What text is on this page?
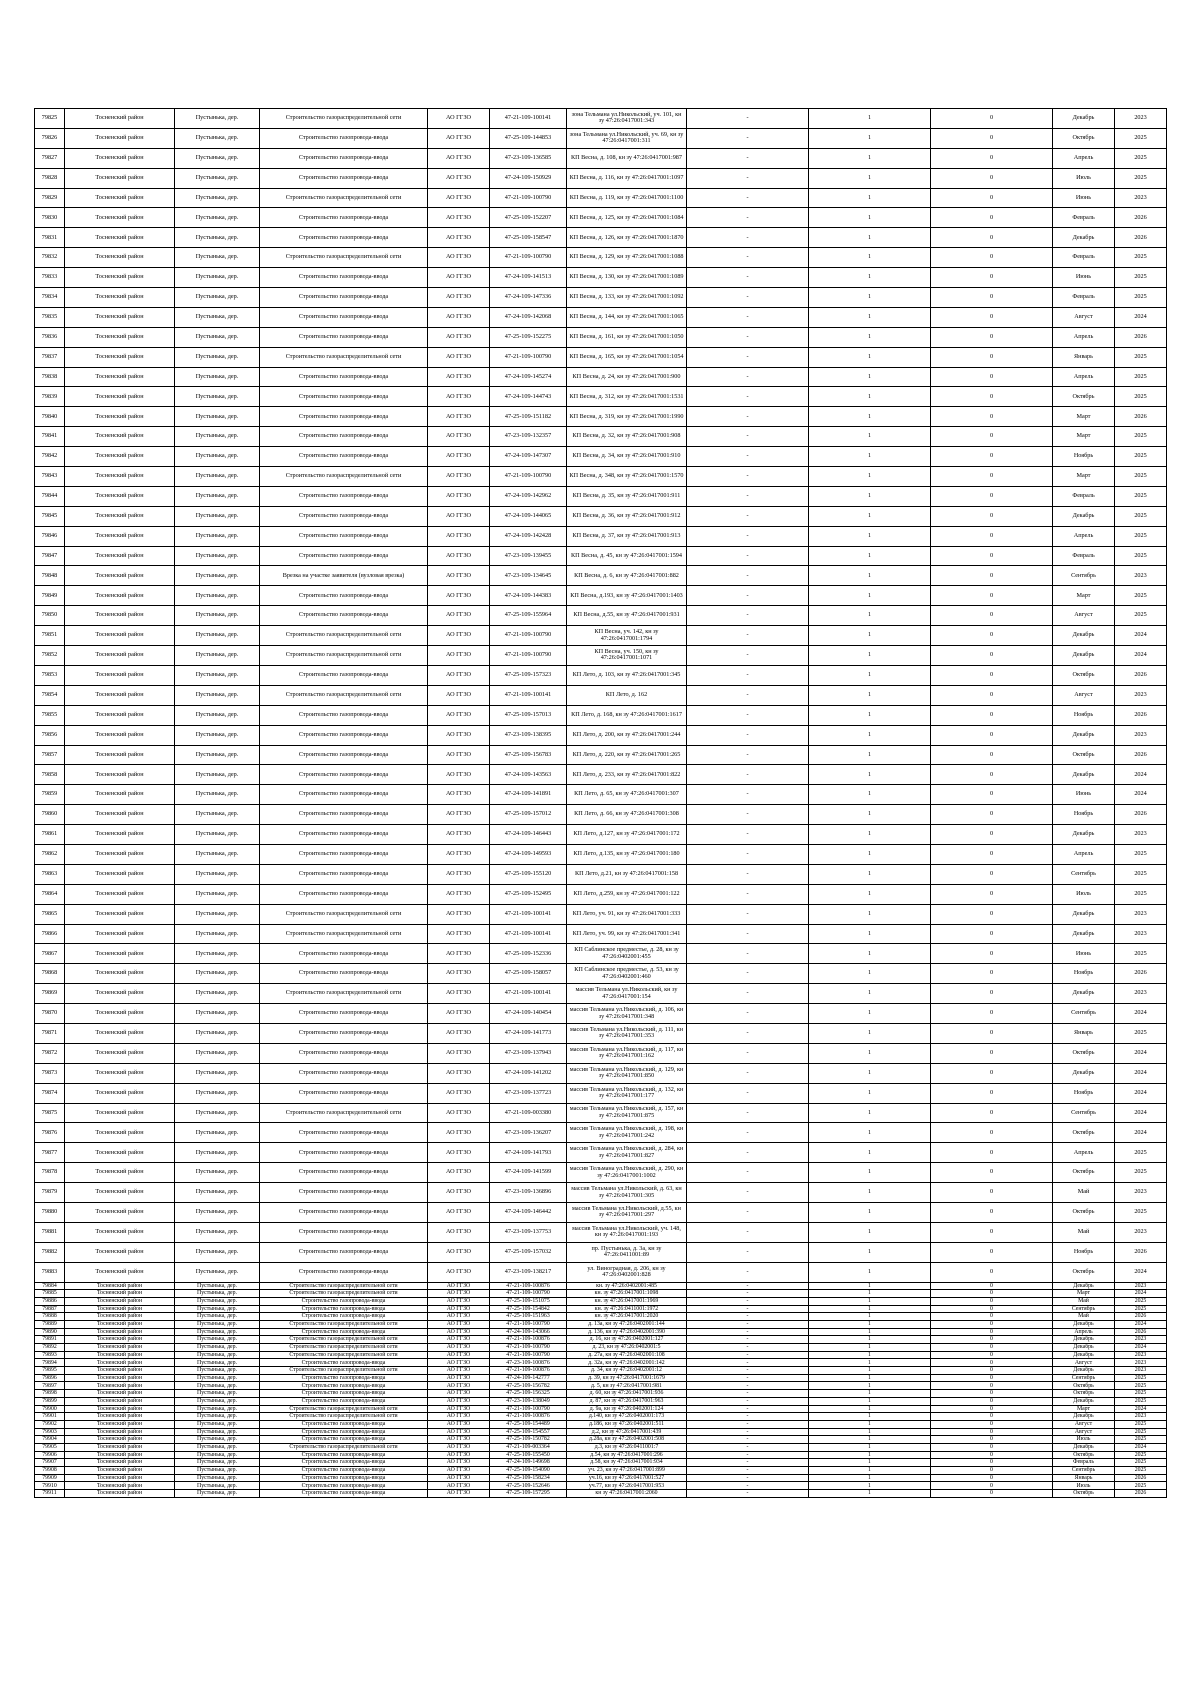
79825	Тосненский район	Пустынька, дер.	Строительство газораспределительной сети	АО ГГЗО	47-21-109-100141	зона Тельмана ул.Никольский, уч. 101, кн зу 47:26:0417001:343	-	1	0	Декабрь	2023
79826	Тосненский район	Пустынька, дер.	Строительство газопровода-ввода	АО ГГЗО	47-25-109-144853	зона Тельмана ул.Никольский, уч. 69, кн зу 47:26:0417001:311	-	1	0	Октябрь	2025
79827	Тосненский район	Пустынька, дер.	Строительство газопровода-ввода	АО ГГЗО	47-23-109-136585	КП Весна, д. 108, кн зу 47:26:0417001:987	-	1	0	Апрель	2025
79828	Тосненский район	Пустынька, дер.	Строительство газопровода-ввода	АО ГГЗО	47-24-109-150929	КП Весна, д. 116, кн зу 47:26:0417001:1097	-	1	0	Июль	2025
79829	Тосненский район	Пустынька, дер.	Строительство газораспределительной сети	АО ГГЗО	47-21-109-100790	КП Весна, д. 119, кн зу 47:26:0417001:1100	-	1	0	Июнь	2023
79830	Тосненский район	Пустынька, дер.	Строительство газопровода-ввода	АО ГГЗО	47-25-109-152207	КП Весна, д. 125, кн зу 47:26:0417001:1084	-	1	0	Февраль	2026
79831	Тосненский район	Пустынька, дер.	Строительство газопровода-ввода	АО ГГЗО	47-25-109-158547	КП Весна, д. 126, кн зу 47:26:0417001:1870	-	1	0	Декабрь	2026
79832	Тосненский район	Пустынька, дер.	Строительство газораспределительной сети	АО ГГЗО	47-21-109-100790	КП Весна, д. 129, кн зу 47:26:0417001:1088	-	1	0	Февраль	2025
79833	Тосненский район	Пустынька, дер.	Строительство газопровода-ввода	АО ГГЗО	47-24-109-141513	КП Весна, д. 130, кн зу 47:26:0417001:1089	-	1	0	Июнь	2025
79834	Тосненский район	Пустынька, дер.	Строительство газопровода-ввода	АО ГГЗО	47-24-109-147336	КП Весна, д. 133, кн зу 47:26:0417001:1092	-	1	0	Февраль	2025
79835	Тосненский район	Пустынька, дер.	Строительство газопровода-ввода	АО ГГЗО	47-24-109-142068	КП Весна, д. 144, кн зу 47:26:0417001:1065	-	1	0	Август	2024
79836	Тосненский район	Пустынька, дер.	Строительство газопровода-ввода	АО ГГЗО	47-25-109-152275	КП Весна, д. 161, кн зу 47:26:0417001:1050	-	1	0	Апрель	2026
79837	Тосненский район	Пустынька, дер.	Строительство газораспределительной сети	АО ГГЗО	47-21-109-100790	КП Весна, д. 165, кн зу 47:26:0417001:1054	-	1	0	Январь	2025
79838	Тосненский район	Пустынька, дер.	Строительство газопровода-ввода	АО ГГЗО	47-24-109-145274	КП Весна, д. 24, кн зу 47:26:0417001:900	-	1	0	Апрель	2025
79839	Тосненский район	Пустынька, дер.	Строительство газопровода-ввода	АО ГГЗО	47-24-109-144743	КП Весна, д. 312, кн зу 47:26:0417001:1531	-	1	0	Октябрь	2025
79840	Тосненский район	Пустынька, дер.	Строительство газопровода-ввода	АО ГГЗО	47-25-109-151182	КП Весна, д. 319, кн зу 47:26:0417001:1990	-	1	0	Март	2026
79841	Тосненский район	Пустынька, дер.	Строительство газопровода-ввода	АО ГГЗО	47-23-109-132357	КП Весна, д. 32, кн зу 47:26:0417001:908	-	1	0	Март	2025
79842	Тосненский район	Пустынька, дер.	Строительство газопровода-ввода	АО ГГЗО	47-24-109-147307	КП Весна, д. 34, кн зу 47:26:0417001:910	-	1	0	Ноябрь	2025
79843	Тосненский район	Пустынька, дер.	Строительство газораспределительной сети	АО ГГЗО	47-21-109-100790	КП Весна, д. 348, кн зу 47:26:0417001:1570	-	1	0	Март	2025
79844	Тосненский район	Пустынька, дер.	Строительство газопровода-ввода	АО ГГЗО	47-24-109-142962	КП Весна, д. 35, кн зу 47:26:0417001:911	-	1	0	Февраль	2025
79845	Тосненский район	Пустынька, дер.	Строительство газопровода-ввода	АО ГГЗО	47-24-109-144065	КП Весна, д. 36, кн зу 47:26:0417001:912	-	1	0	Декабрь	2025
79846	Тосненский район	Пустынька, дер.	Строительство газопровода-ввода	АО ГГЗО	47-24-109-142428	КП Весна, д. 37, кн зу 47:26:0417001:913	-	1	0	Апрель	2025
79847	Тосненский район	Пустынька, дер.	Строительство газопровода-ввода	АО ГГЗО	47-23-109-139455	КП Весна, д. 45, кн зу 47:26:0417001:1594	-	1	0	Февраль	2025
79848	Тосненский район	Пустынька, дер.	Врезка на участке заявителя (вузловая врезка)	АО ГГЗО	47-23-109-134645	КП Весна, д. 6, кн зу 47:26:0417001:882	-	1	0	Сентябрь	2023
79849	Тосненский район	Пустынька, дер.	Строительство газопровода-ввода	АО ГГЗО	47-24-109-144383	КП Весна, д.193, кн зу 47:26:0417001:1403	-	1	0	Март	2025
79850	Тосненский район	Пустынька, дер.	Строительство газопровода-ввода	АО ГГЗО	47-25-109-155964	КП Весна, д.55, кн зу 47:26:0417001:931	-	1	0	Август	2025
79851	Тосненский район	Пустынька, дер.	Строительство газораспределительной сети	АО ГГЗО	47-21-109-100790	КП Весна, уч. 142, кн зу 47:26:0417001:1794	-	1	0	Декабрь	2024
79852	Тосненский район	Пустынька, дер.	Строительство газораспределительной сети	АО ГГЗО	47-21-109-100790	КП Весна, уч. 150, кн зу 47:26:0417001:1071	-	1	0	Декабрь	2024
79853	Тосненский район	Пустынька, дер.	Строительство газопровода-ввода	АО ГГЗО	47-25-109-157323	КП Лето, д. 103, кн зу 47:26:0417001:345	-	1	0	Октябрь	2026
79854	Тосненский район	Пустынька, дер.	Строительство газораспределительной сети	АО ГГЗО	47-21-109-100141	КП Лето, д. 162	-	1	0	Август	2023
79855	Тосненский район	Пустынька, дер.	Строительство газопровода-ввода	АО ГГЗО	47-25-109-157013	КП Лето, д. 168, кн зу 47:26:0417001:1617	-	1	0	Ноябрь	2026
79856	Тосненский район	Пустынька, дер.	Строительство газопровода-ввода	АО ГГЗО	47-23-109-138395	КП Лето, д. 200, кн зу 47:26:0417001:244	-	1	0	Декабрь	2023
79857	Тосненский район	Пустынька, дер.	Строительство газопровода-ввода	АО ГГЗО	47-25-109-156783	КП Лето, д. 220, кн зу 47:26:0417001:265	-	1	0	Октябрь	2026
79858	Тосненский район	Пустынька, дер.	Строительство газопровода-ввода	АО ГГЗО	47-24-109-143563	КП Лето, д. 233, кн зу 47:26:0417001:822	-	1	0	Декабрь	2024
79859	Тосненский район	Пустынька, дер.	Строительство газопровода-ввода	АО ГГЗО	47-24-109-141891	КП Лето, д. 65, кн зу 47:26:0417001:307	-	1	0	Июнь	2024
79860	Тосненский район	Пустынька, дер.	Строительство газопровода-ввода	АО ГГЗО	47-25-109-157012	КП Лето, д. 66, кн зу 47:26:0417001:308	-	1	0	Ноябрь	2026
79861	Тосненский район	Пустынька, дер.	Строительство газопровода-ввода	АО ГГЗО	47-24-109-146443	КП Лето, д.127, кн зу 47:26:0417001:172	-	1	0	Декабрь	2023
79862	Тосненский район	Пустынька, дер.	Строительство газопровода-ввода	АО ГГЗО	47-24-109-149593	КП Лето, д.135, кн зу 47:26:0417001:180	-	1	0	Апрель	2025
79863	Тосненский район	Пустынька, дер.	Строительство газопровода-ввода	АО ГГЗО	47-25-109-155120	КП Лето, д.21, кн зу 47:26:0417001:158	-	1	0	Сентябрь	2025
79864	Тосненский район	Пустынька, дер.	Строительство газопровода-ввода	АО ГГЗО	47-25-109-152495	КП Лето, д.259, кн зу 47:26:0417001:122	-	1	0	Июль	2025
79865	Тосненский район	Пустынька, дер.	Строительство газораспределительной сети	АО ГГЗО	47-21-109-100141	КП Лето, уч. 91, кн зу 47:26:0417001:333	-	1	0	Декабрь	2023
79866	Тосненский район	Пустынька, дер.	Строительство газораспределительной сети	АО ГГЗО	47-21-109-100141	КП Лето, уч. 99, кн зу 47:26:0417001:341	-	1	0	Декабрь	2023
79867	Тосненский район	Пустынька, дер.	Строительство газопровода-ввода	АО ГГЗО	47-25-109-152336	КП Саблинское предместье, д. 28, кн зу 47:26:0402001:455	-	1	0	Июнь	2025
79868	Тосненский район	Пустынька, дер.	Строительство газопровода-ввода	АО ГГЗО	47-25-109-158057	КП Саблинское предместье, д. 53, кн зу 47:26:0402001:460	-	1	0	Ноябрь	2026
79869	Тосненский район	Пустынька, дер.	Строительство газораспределительной сети	АО ГГЗО	47-21-109-100141	массив Тельмана ул.Никольский, кн зу 47:26:0417001:154	-	1	0	Декабрь	2023
79870	Тосненский район	Пустынька, дер.	Строительство газопровода-ввода	АО ГГЗО	47-24-109-140454	массив Тельмана ул.Никольский, д. 106, кн зу 47:26:0417001:348	-	1	0	Сентябрь	2024
79871	Тосненский район	Пустынька, дер.	Строительство газопровода-ввода	АО ГГЗО	47-24-109-141773	массив Тельмана ул.Никольский, д. 111, кн зу 47:26:0417001:353	-	1	0	Январь	2025
79872	Тосненский район	Пустынька, дер.	Строительство газопровода-ввода	АО ГГЗО	47-23-109-137943	массив Тельмана ул.Никольский, д. 117, кн зу 47:26:0417001:162	-	1	0	Октябрь	2024
79873	Тосненский район	Пустынька, дер.	Строительство газопровода-ввода	АО ГГЗО	47-24-109-141202	массив Тельмана ул.Никольский, д. 129, кн зу 47:26:0417001:850	-	1	0	Декабрь	2024
79874	Тосненский район	Пустынька, дер.	Строительство газопровода-ввода	АО ГГЗО	47-23-109-137723	массив Тельмана ул.Никольский, д. 132, кн зу 47:26:0417001:177	-	1	0	Ноябрь	2024
79875	Тосненский район	Пустынька, дер.	Строительство газораспределительной сети	АО ГГЗО	47-21-109-003380	массив Тельмана ул.Никольский, д. 157, кн зу 47:26:0417001:875	-	1	0	Сентябрь	2024
79876	Тосненский район	Пустынька, дер.	Строительство газопровода-ввода	АО ГГЗО	47-23-109-136207	массив Тельмана ул.Никольский, д. 198, кн зу 47:26:0417001:242	-	1	0	Октябрь	2024
79877	Тосненский район	Пустынька, дер.	Строительство газопровода-ввода	АО ГГЗО	47-24-109-141793	массив Тельмана ул.Никольский, д. 284, кн зу 47:26:0417001:827	-	1	0	Апрель	2025
79878	Тосненский район	Пустынька, дер.	Строительство газопровода-ввода	АО ГГЗО	47-24-109-141599	массив Тельмана ул.Никольский, д. 290, кн зу 47:26:0417001:1002	-	1	0	Октябрь	2025
79879	Тосненский район	Пустынька, дер.	Строительство газопровода-ввода	АО ГГЗО	47-23-109-136896	массив Тельмана ул.Никольский, д. 63, кн зу 47:26:0417001:305	-	1	0	Май	2023
79880	Тосненский район	Пустынька, дер.	Строительство газопровода-ввода	АО ГГЗО	47-24-109-146442	массив Тельмана ул.Никольский, д.55, кн зу 47:26:0417001:297	-	1	0	Октябрь	2025
79881	Тосненский район	Пустынька, дер.	Строительство газопровода-ввода	АО ГГЗО	47-23-109-137753	массив Тельмана ул.Никольский, уч. 148, кн зу 47:26:0417001:193	-	1	0	Май	2023
79882	Тосненский район	Пустынька, дер.	Строительство газопровода-ввода	АО ГГЗО	47-25-109-157032	пр. Пустынька, д. 3а, кн зу 47:26:0411001:89	-	1	0	Ноябрь	2026
79883	Тосненский район	Пустынька, дер.	Строительство газопровода-ввода	АО ГГЗО	47-23-109-138217	ул. Виноградная, д. 206, кн зу 47:26:0402001:828	-	1	0	Октябрь	2024
79884	Тосненский район	Пустынька, дер.	Строительство газораспределительной сети	АО ГГЗО	47-21-109-100876	кн. зу 47:26:0402001:485	-	1	0	Декабрь	2023
79885	Тосненский район	Пустынька, дер.	Строительство газораспределительной сети	АО ГГЗО	47-21-109-100790	кн. зу 47:26:0417001:1098	-	1	0	Март	2024
79886	Тосненский район	Пустынька, дер.	Строительство газопровода-ввода	АО ГГЗО	47-25-109-151075	кн. зу 47:26:0417001:1969	-	1	0	Май	2025
79887	Тосненский район	Пустынька, дер.	Строительство газопровода-ввода	АО ГГЗО	47-25-109-154842	кн. зу 47:26:0411001:1972	-	1	0	Сентябрь	2025
79888	Тосненский район	Пустынька, дер.	Строительство газопровода-ввода	АО ГГЗО	47-25-109-151963	кн. зу 47:26:0417001:2020	-	1	0	Май	2026
79889	Тосненский район	Пустынька, дер.	Строительство газораспределительной сети	АО ГГЗО	47-21-109-100790	д. 13а, кн зу 47:26:0402001:144	-	1	0	Декабрь	2024
79890	Тосненский район	Пустынька, дер.	Строительство газопровода-ввода	АО ГГЗО	47-24-109-143066	д. 136, кн зу 47:26:0402001:390	-	1	0	Апрель	2026
79891	Тосненский район	Пустынька, дер.	Строительство газораспределительной сети	АО ГГЗО	47-21-109-100876	д. 16, кн зу 47:26:0402001:127	-	1	0	Декабрь	2023
79892	Тосненский район	Пустынька, дер.	Строительство газораспределительной сети	АО ГГЗО	47-21-109-100790	д. 23, кн зу 47:26:0402001:5	-	1	0	Декабрь	2024
79893	Тосненский район	Пустынька, дер.	Строительство газораспределительной сети	АО ГГЗО	47-21-109-100790	д. 27а, кн зу 47:26:0402001:108	-	1	0	Декабрь	2023
79894	Тосненский район	Пустынька, дер.	Строительство газопровода-ввода	АО ГГЗО	47-23-109-100876	д. 32а, кн зу 47:26:0402001:142	-	1	0	Август	2023
79895	Тосненский район	Пустынька, дер.	Строительство газораспределительной сети	АО ГГЗО	47-21-109-100876	д. 34, кн зу 47:26:0402001:12	-	1	0	Декабрь	2023
79896	Тосненский район	Пустынька, дер.	Строительство газопровода-ввода	АО ГГЗО	47-24-109-142777	д. 39, кн зу 47:26:0417001:1679	-	1	0	Сентябрь	2025
79897	Тосненский район	Пустынька, дер.	Строительство газопровода-ввода	АО ГГЗО	47-25-109-156782	д. 5, кн зу 47:26:0417001:981	-	1	0	Октябрь	2025
79898	Тосненский район	Пустынька, дер.	Строительство газопровода-ввода	АО ГГЗО	47-25-109-156325	д. 60, кн зу 47:26:0417001:936	-	1	0	Октябрь	2025
79899	Тосненский район	Пустынька, дер.	Строительство газопровода-ввода	АО ГГЗО	47-23-109-138049	д. 87, кн зу 47:26:0417001:963	-	1	0	Декабрь	2025
79900	Тосненский район	Пустынька, дер.	Строительство газораспределительной сети	АО ГГЗО	47-21-109-100790	д. 9а, кн зу 47:26:0402001:124	-	1	0	Март	2024
79901	Тосненский район	Пустынька, дер.	Строительство газораспределительной сети	АО ГГЗО	47-21-109-100876	д.140, кн зу 47:26:0402001:173	-	1	0	Декабрь	2023
79902	Тосненский район	Пустынька, дер.	Строительство газопровода-ввода	АО ГГЗО	47-25-109-154489	д.186, кн зу 47:26:0402001:511	-	1	0	Август	2025
79903	Тосненский район	Пустынька, дер.	Строительство газопровода-ввода	АО ГГЗО	47-25-109-154557	д.2, кн зу 47:26:0417001:439	-	1	0	Август	2025
79904	Тосненский район	Пустынька, дер.	Строительство газопровода-ввода	АО ГГЗО	47-25-109-150782	д.28а, кн зу 47:26:0402001:508	-	1	0	Июль	2025
79905	Тосненский район	Пустынька, дер.	Строительство газораспределительной сети	АО ГГЗО	47-21-109-003364	д.3, кн зу 47:26:0411001:7	-	1	0	Декабрь	2024
79906	Тосненский район	Пустынька, дер.	Строительство газопровода-ввода	АО ГГЗО	47-25-109-155450	д.54, кн зу 47:26:0417001:296	-	1	0	Октябрь	2025
79907	Тосненский район	Пустынька, дер.	Строительство газопровода-ввода	АО ГГЗО	47-24-109-149698	д.58, кн зу 47:26:0417001:934	-	1	0	Февраль	2025
79908	Тосненский район	Пустынька, дер.	Строительство газопровода-ввода	АО ГГЗО	47-25-109-154090	уч. 23, кн зу 47:26:0417001:899	-	1	0	Сентябрь	2025
79909	Тосненский район	Пустынька, дер.	Строительство газопровода-ввода	АО ГГЗО	47-25-109-158234	уч.16, кн зу 47:26:0417001:527	-	1	0	Январь	2026
79910	Тосненский район	Пустынька, дер.	Строительство газопровода-ввода	АО ГГЗО	47-25-109-152646	уч.77, кн зу 47:26:0417001:953	-	1	0	Июль	2025
79911	Тосненский район	Пустынька, дер.	Строительство газопровода-ввода	АО ГГЗО	47-25-109-157295	кн зу 47:26:0417001:2060	-	1	0	Октябрь	2026
